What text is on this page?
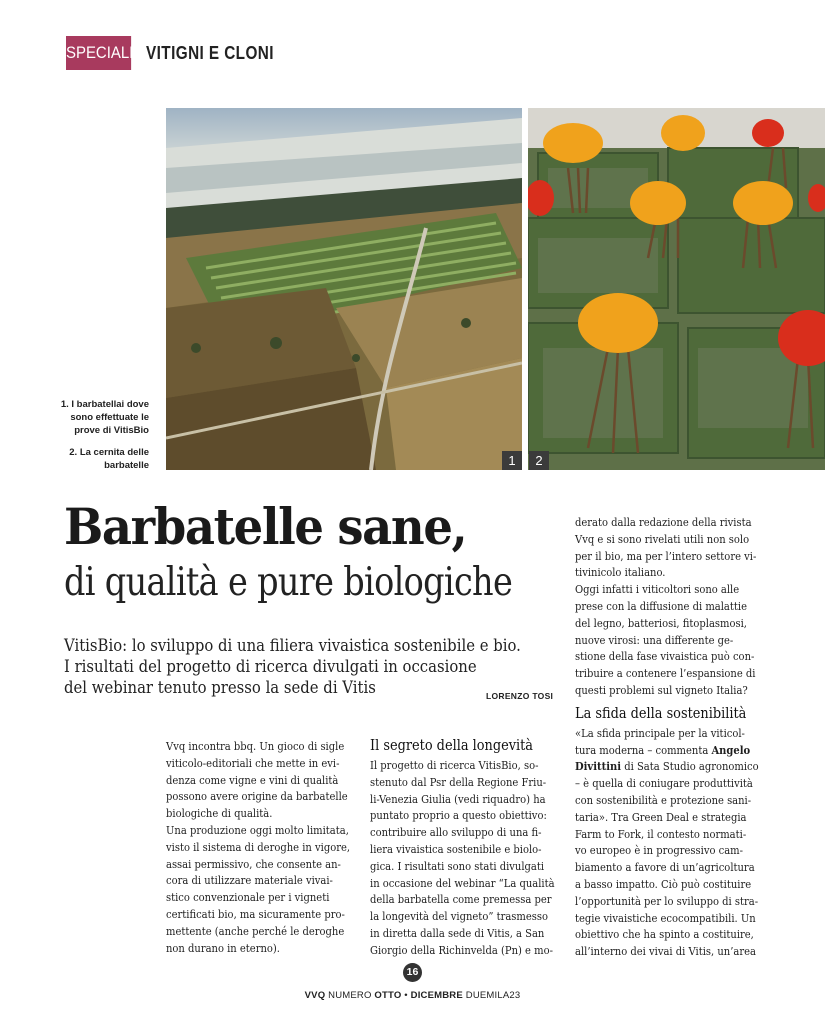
SPECIALE VITIGNI E CLONI
1	2
1. I barbatellai dove
sono effettuate le
prove di VitisBio
2. La cernita delle
barbatelle
Barbatelle sane,
di qualità e pure biologiche
VitisBio: lo sviluppo di una filiera vivaistica sostenibile e bio.
I risultati del progetto di ricerca divulgati in occasione
del webinar tenuto presso la sede di Vitis	LORENZO TOSI
Vvq incontra bbq. Un gioco di sigle
viticolo-editoriali che mette in evi-
denza come vigne e vini di qualità
possono avere origine da barbatelle
biologiche di qualità.
Una produzione oggi molto limitata,
visto il sistema di deroghe in vigore,
assai permissivo, che consente an-
cora di utilizzare materiale vivai-
stico convenzionale per i vigneti
certificati bio, ma sicuramente pro-
mettente (anche perché le deroghe
non durano in eterno).
Il segreto della longevità
Il progetto di ricerca VitisBio, so-
stenuto dal Psr della Regione Friu-
li-Venezia Giulia (vedi riquadro) ha
puntato proprio a questo obiettivo:
contribuire allo sviluppo di una fi-
liera vivaistica sostenibile e biolo-
gica. I risultati sono stati divulgati
in occasione del webinar “La qualità
della barbatella come premessa per
la longevità del vigneto” trasmesso
in diretta dalla sede di Vitis, a San
Giorgio della Richinvelda (Pn) e mo-
derato dalla redazione della rivista
Vvq e si sono rivelati utili non solo
per il bio, ma per l’intero settore vi-
tivinicolo italiano.
Oggi infatti i viticoltori sono alle
prese con la diffusione di malattie
del legno, batteriosi, fitoplasmosi,
nuove virosi: una differente ge-
stione della fase vivaistica può con-
tribuire a contenere l’espansione di
questi problemi sul vigneto Italia?
La sfida della sostenibilità
«La sfida principale per la viticol-
tura moderna – commenta Angelo
Divittini di Sata Studio agronomico
– è quella di coniugare produttività
con sostenibilità e protezione sani-
taria». Tra Green Deal e strategia
Farm to Fork, il contesto normati-
vo europeo è in progressivo cam-
biamento a favore di un’agricoltura
a basso impatto. Ciò può costituire
l’opportunità per lo sviluppo di stra-
tegie vivaistiche ecocompatibili. Un
obiettivo che ha spinto a costituire,
all’interno dei vivai di Vitis, un’area
16
VVQ NUMERO OTTO • DICEMBRE DUEMILA23
